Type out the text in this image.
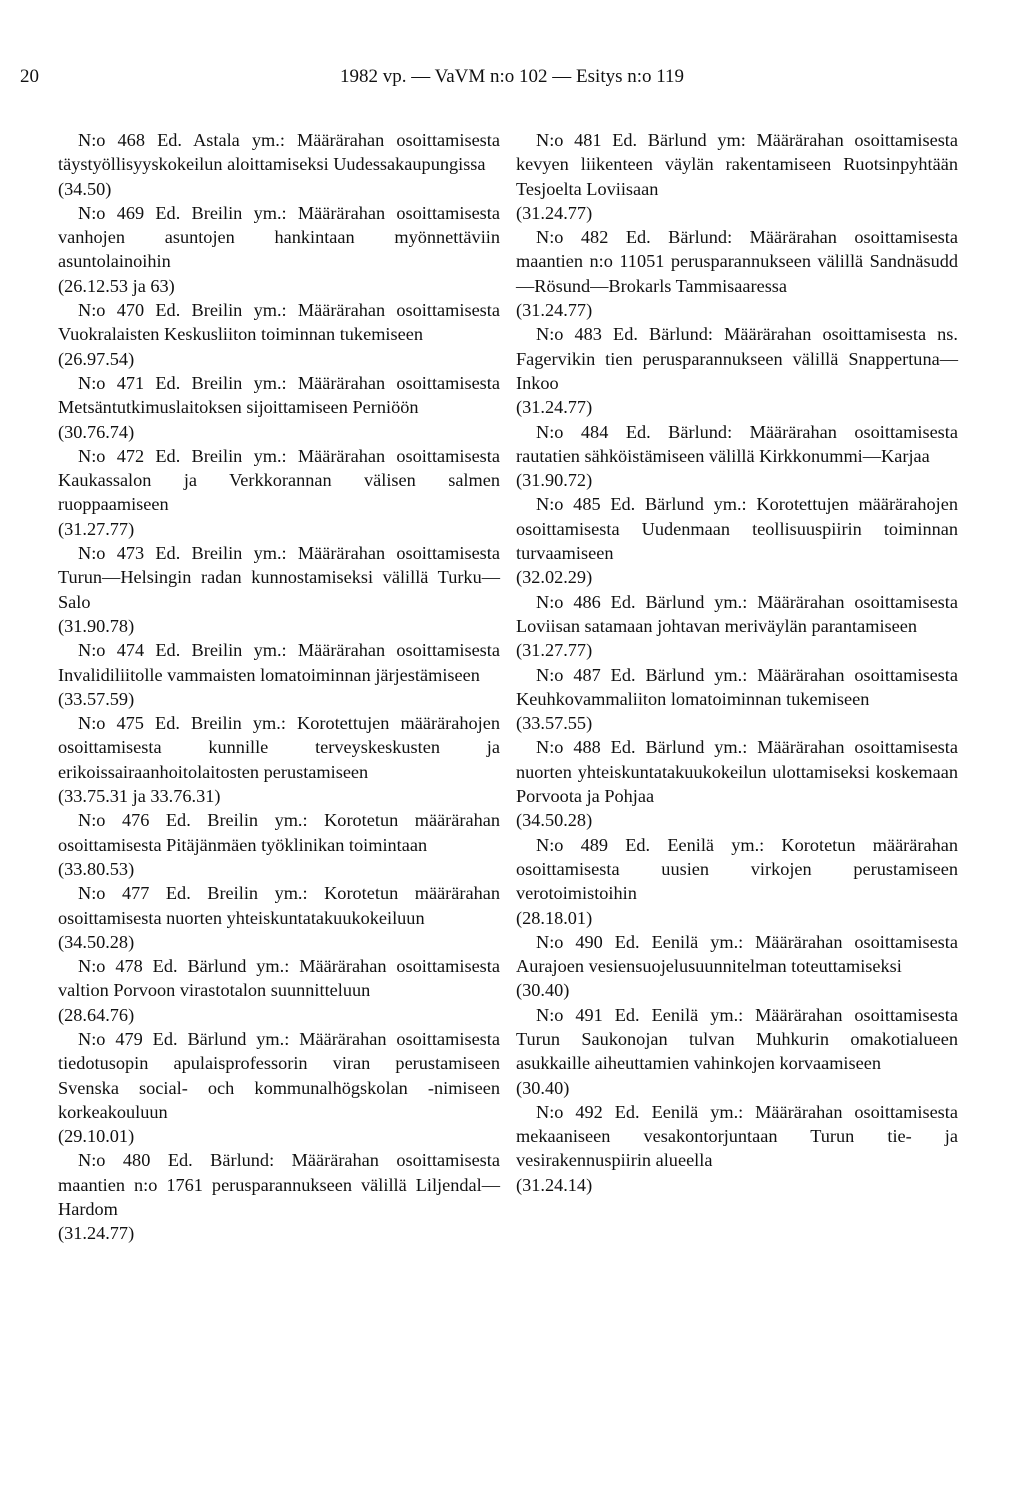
20	1982 vp. — VaVM n:o 102 — Esitys n:o 119

N:o 468 Ed. Astala ym.: Määrärahan osoittamisesta täystyöllisyyskokeilun aloittamiseksi Uudessakaupungissa

(34.50)

N:o 469 Ed. Breilin ym.: Määrärahan osoittamisesta vanhojen asuntojen hankintaan myönnettäviin asuntolainoihin

(26.12.53 ja 63)

N:o 470 Ed. Breilin ym.: Määrärahan osoittamisesta Vuokralaisten Keskusliiton toiminnan tukemiseen

(26.97.54)

N:o 471 Ed. Breilin ym.: Määrärahan osoittamisesta Metsäntutkimuslaitoksen sijoittamiseen Perniöön

(30.76.74)

N:o 472 Ed. Breilin ym.: Määrärahan osoittamisesta Kaukassalon ja Verkkorannan välisen salmen ruoppaamiseen

(31.27.77)

N:o 473 Ed. Breilin ym.: Määrärahan osoittamisesta Turun—Helsingin radan kunnostamiseksi välillä Turku—Salo

(31.90.78)

N:o 474 Ed. Breilin ym.: Määrärahan osoittamisesta Invalidiliitolle vammaisten lomatoiminnan järjestämiseen

(33.57.59)

N:o 475 Ed. Breilin ym.: Korotettujen määrärahojen osoittamisesta kunnille terveyskeskusten ja erikoissairaanhoitolaitosten perustamiseen

(33.75.31 ja 33.76.31)

N:o 476 Ed. Breilin ym.: Korotetun määrärahan osoittamisesta Pitäjänmäen työklinikan toimintaan

(33.80.53)

N:o 477 Ed. Breilin ym.: Korotetun määrärahan osoittamisesta nuorten yhteiskuntatakuukokeiluun

(34.50.28)

N:o 478 Ed. Bärlund ym.: Määrärahan osoittamisesta valtion Porvoon virastotalon suunnitteluun

(28.64.76)

N:o 479 Ed. Bärlund ym.: Määrärahan osoittamisesta tiedotusopin apulaisprofessorin viran perustamiseen Svenska social- och kommunalhögskolan -nimiseen korkeakouluun

(29.10.01)

N:o 480 Ed. Bärlund: Määrärahan osoittamisesta maantien n:o 1761 perusparannukseen välillä Liljendal—Hardom

(31.24.77)

N:o 481 Ed. Bärlund ym: Määrärahan osoittamisesta kevyen liikenteen väylän rakentamiseen Ruotsinpyhtään Tesjoelta Loviisaan

(31.24.77)

N:o 482 Ed. Bärlund: Määrärahan osoittamisesta maantien n:o 11051 perusparannukseen välillä Sandnäsudd—Rösund—Brokarls Tammisaaressa

(31.24.77)

N:o 483 Ed. Bärlund: Määrärahan osoittamisesta ns. Fagervikin tien perusparannukseen välillä Snappertuna—Inkoo

(31.24.77)

N:o 484 Ed. Bärlund: Määrärahan osoittamisesta rautatien sähköistämiseen välillä Kirkkonummi—Karjaa

(31.90.72)

N:o 485 Ed. Bärlund ym.: Korotettujen määrärahojen osoittamisesta Uudenmaan teollisuuspiirin toiminnan turvaamiseen

(32.02.29)

N:o 486 Ed. Bärlund ym.: Määrärahan osoittamisesta Loviisan satamaan johtavan meriväylän parantamiseen

(31.27.77)

N:o 487 Ed. Bärlund ym.: Määrärahan osoittamisesta Keuhkovammaliiton lomatoiminnan tukemiseen

(33.57.55)

N:o 488 Ed. Bärlund ym.: Määrärahan osoittamisesta nuorten yhteiskuntatakuukokeilun ulottamiseksi koskemaan Porvoota ja Pohjaa

(34.50.28)

N:o 489 Ed. Eenilä ym.: Korotetun määrärahan osoittamisesta uusien virkojen perustamiseen verotoimistoihin

(28.18.01)

N:o 490 Ed. Eenilä ym.: Määrärahan osoittamisesta Aurajoen vesiensuojelusuunnitelman toteuttamiseksi

(30.40)

N:o 491 Ed. Eenilä ym.: Määrärahan osoittamisesta Turun Saukonojan tulvan Muhkurin omakotialueen asukkaille aiheuttamien vahinkojen korvaamiseen

(30.40)

N:o 492 Ed. Eenilä ym.: Määrärahan osoittamisesta mekaaniseen vesakontorjuntaan Turun tie- ja vesirakennuspiirin alueella

(31.24.14)
